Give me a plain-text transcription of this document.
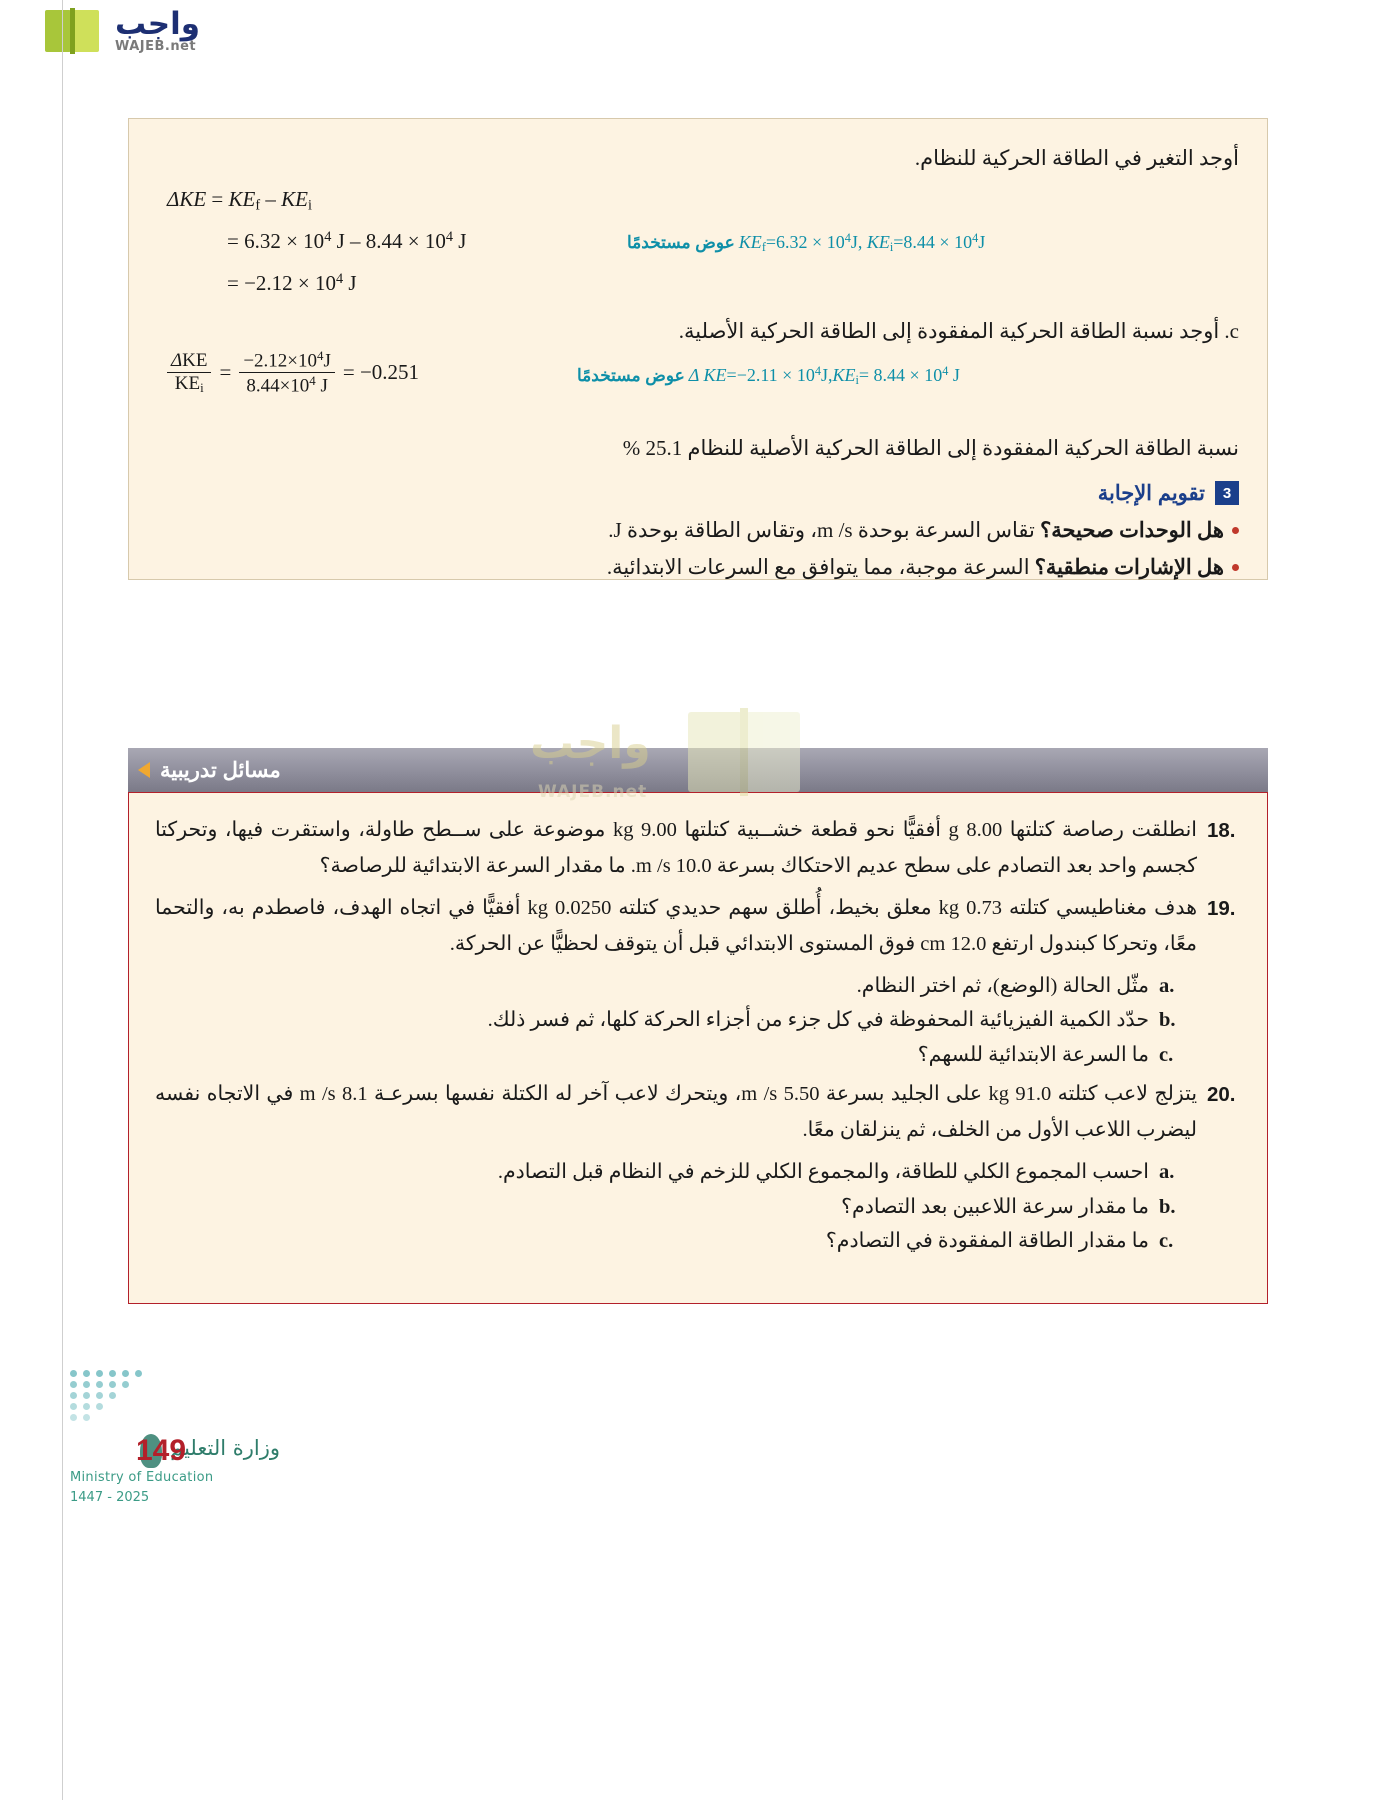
واجب
WAJEB.net
أوجد التغير في الطاقة الحركية للنظام.
$\Delta KE = KE_f - KE_i$
= $6.32 \times 10^4$ $J - 8.44 \times 10^4$ J
= $-2.12 \times 10^4$ J
$KE_f=6.32 \times 10^4J$, $KE_i=8.44 \times 10^4J$ عوض مستخدمًا
c. أوجد نسبة الطاقة الحركية المفقودة إلى الطاقة الحركية الأصلية.
$\frac{\text{ΔKE}}{KE_i} = \frac{-2.12\times 10^4J}{8.44\times 10^4 J} = -0.251$	Δ $KE=-2.11 \times 10^4J,KE_i= 8.44 \times 10^4$ J عوض مستخدمًا
نسبة الطاقة الحركية المفقودة إلى الطاقة الحركية الأصلية للنظام 25.1 %
3
تقويم الإجابة
هل الوحدات صحيحة؟ تقاس السرعة بوحدة m /s، وتقاس الطاقة بوحدة J.
هل الإشارات منطقية؟ السرعة موجبة، مما يتوافق مع السرعات الابتدائية.
مسائل تدريبية
واجب
WAJEB.net
18.
انطلقت رصاصة كتلتها 8.00 g أفقيًّا نحو قطعة خشــبية كتلتها 9.00 kg موضوعة على ســطح طاولة، واستقرت فيها، وتحركتا كجسم واحد بعد التصادم على سطح عديم الاحتكاك بسرعة 10.0 m /s. ما مقدار السرعة الابتدائية للرصاصة؟
19.
هدف مغناطيسي كتلته 0.73 kg معلق بخيط، أُطلق سهم حديدي كتلته 0.0250 kg أفقيًّا في اتجاه الهدف، فاصطدم به، والتحما معًا، وتحركا كبندول ارتفع 12.0 cm فوق المستوى الابتدائي قبل أن يتوقف لحظيًّا عن الحركة.
a.
مثّل الحالة (الوضع)، ثم اختر النظام.
b.
حدّد الكمية الفيزيائية المحفوظة في كل جزء من أجزاء الحركة كلها، ثم فسر ذلك.
c.
ما السرعة الابتدائية للسهم؟
20.
يتزلج لاعب كتلته 91.0 kg على الجليد بسرعة 5.50 m /s، ويتحرك لاعب آخر له الكتلة نفسها بسرعـة 8.1 m /s في الاتجاه نفسه ليضرب اللاعب الأول من الخلف، ثم ينزلقان معًا.
a.
احسب المجموع الكلي للطاقة، والمجموع الكلي للزخم في النظام قبل التصادم.
b.
ما مقدار سرعة اللاعبين بعد التصادم؟
c.
ما مقدار الطاقة المفقودة في التصادم؟
وزارة التعليم
149
Ministry of Education
2025 - 1447
